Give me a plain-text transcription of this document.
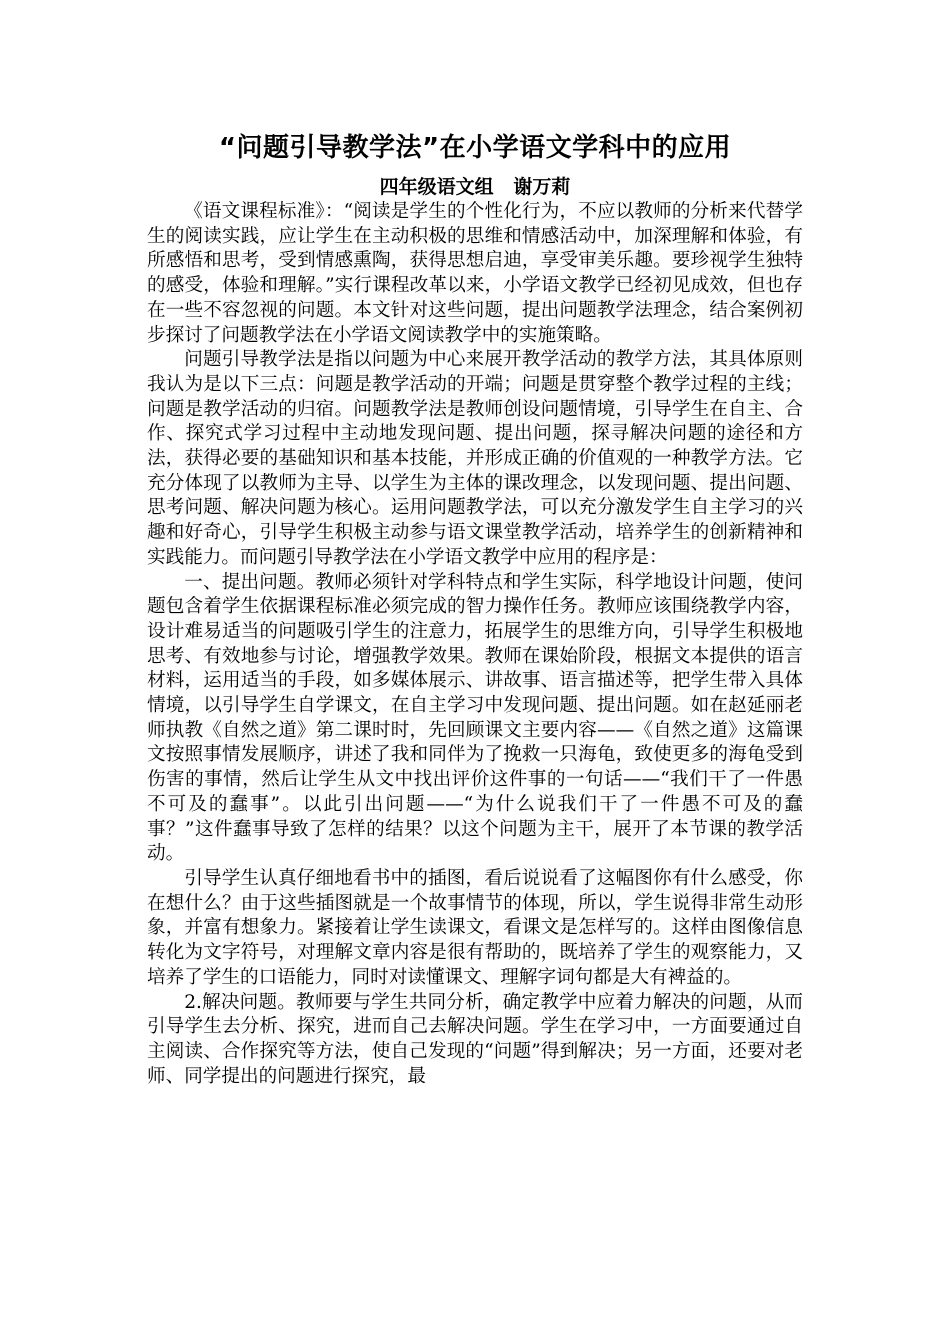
“问题引导教学法”在小学语文学科中的应用
四年级语文组   谢万莉

《语文课程标准》：“阅读是学生的个性化行为，不应以教师的分析来代替学生的阅读实践，应让学生在主动积极的思维和情感活动中，加深理解和体验，有所感悟和思考，受到情感熏陶，获得思想启迪，享受审美乐趣。要珍视学生独特的感受，体验和理解。”实行课程改革以来，小学语文教学已经初见成效，但也存在一些不容忽视的问题。本文针对这些问题，提出问题教学法理念，结合案例初步探讨了问题教学法在小学语文阅读教学中的实施策略。

问题引导教学法是指以问题为中心来展开教学活动的教学方法，其具体原则我认为是以下三点：问题是教学活动的开端；问题是贯穿整个教学过程的主线；问题是教学活动的归宿。问题教学法是教师创设问题情境，引导学生在自主、合作、探究式学习过程中主动地发现问题、提出问题，探寻解决问题的途径和方法，获得必要的基础知识和基本技能，并形成正确的价值观的一种教学方法。它充分体现了以教师为主导、以学生为主体的课改理念，以发现问题、提出问题、思考问题、解决问题为核心。运用问题教学法，可以充分激发学生自主学习的兴趣和好奇心，引导学生积极主动参与语文课堂教学活动，培养学生的创新精神和实践能力。而问题引导教学法在小学语文教学中应用的程序是：

一、提出问题。教师必须针对学科特点和学生实际，科学地设计问题，使问题包含着学生依据课程标准必须完成的智力操作任务。教师应该围绕教学内容，设计难易适当的问题吸引学生的注意力，拓展学生的思维方向，引导学生积极地思考、有效地参与讨论，增强教学效果。教师在课始阶段，根据文本提供的语言材料，运用适当的手段，如多媒体展示、讲故事、语言描述等，把学生带入具体情境，以引导学生自学课文，在自主学习中发现问题、提出问题。如在赵延丽老师执教《自然之道》第二课时时，先回顾课文主要内容——《自然之道》这篇课文按照事情发展顺序，讲述了我和同伴为了挽救一只海龟，致使更多的海龟受到伤害的事情，然后让学生从文中找出评价这件事的一句话——“我们干了一件愚不可及的蠢事”。以此引出问题——“为什么说我们干了一件愚不可及的蠢事？”这件蠢事导致了怎样的结果？以这个问题为主干，展开了本节课的教学活动。

引导学生认真仔细地看书中的插图，看后说说看了这幅图你有什么感受，你在想什么？由于这些插图就是一个故事情节的体现，所以，学生说得非常生动形象，并富有想象力。紧接着让学生读课文，看课文是怎样写的。这样由图像信息转化为文字符号，对理解文章内容是很有帮助的，既培养了学生的观察能力，又培养了学生的口语能力，同时对读懂课文、理解字词句都是大有裨益的。

2.解决问题。教师要与学生共同分析，确定教学中应着力解决的问题，从而引导学生去分析、探究，进而自己去解决问题。学生在学习中，一方面要通过自主阅读、合作探究等方法，使自己发现的“问题”得到解决；另一方面，还要对老师、同学提出的问题进行探究，最
